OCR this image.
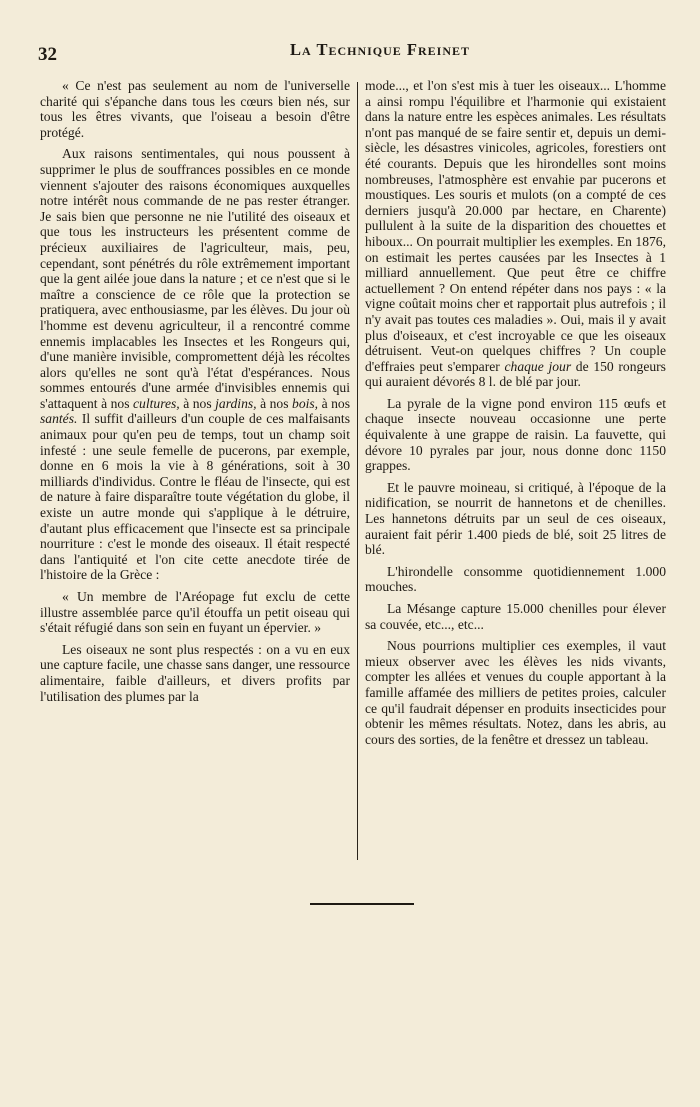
32	La Technique Freinet

« Ce n'est pas seulement au nom de l'universelle charité qui s'épanche dans tous les cœurs bien nés, sur tous les êtres vivants, que l'oiseau a besoin d'être protégé.

Aux raisons sentimentales, qui nous poussent à supprimer le plus de souffrances possibles en ce monde viennent s'ajouter des raisons économiques auxquelles notre intérêt nous commande de ne pas rester étranger. Je sais bien que personne ne nie l'utilité des oiseaux et que tous les instructeurs les présentent comme de précieux auxiliaires de l'agriculteur, mais, peu, cependant, sont pénétrés du rôle extrêmement important que la gent ailée joue dans la nature ; et ce n'est que si le maître a conscience de ce rôle que la protection se pratiquera, avec enthousiasme, par les élèves. Du jour où l'homme est devenu agriculteur, il a rencontré comme ennemis implacables les Insectes et les Rongeurs qui, d'une manière invisible, compromettent déjà les récoltes alors qu'elles ne sont qu'à l'état d'espérances. Nous sommes entourés d'une armée d'invisibles ennemis qui s'attaquent à nos cultures, à nos jardins, à nos bois, à nos santés. Il suffit d'ailleurs d'un couple de ces malfaisants animaux pour qu'en peu de temps, tout un champ soit infesté : une seule femelle de pucerons, par exemple, donne en 6 mois la vie à 8 générations, soit à 30 milliards d'individus. Contre le fléau de l'insecte, qui est de nature à faire disparaître toute végétation du globe, il existe un autre monde qui s'applique à le détruire, d'autant plus efficacement que l'insecte est sa principale nourriture : c'est le monde des oiseaux. Il était respecté dans l'antiquité et l'on cite cette anecdote tirée de l'histoire de la Grèce :

« Un membre de l'Aréopage fut exclu de cette illustre assemblée parce qu'il étouffa un petit oiseau qui s'était réfugié dans son sein en fuyant un épervier. »

Les oiseaux ne sont plus respectés : on a vu en eux une capture facile, une chasse sans danger, une ressource alimentaire, faible d'ailleurs, et divers profits par l'utilisation des plumes par la

mode..., et l'on s'est mis à tuer les oiseaux... L'homme a ainsi rompu l'équilibre et l'harmonie qui existaient dans la nature entre les espèces animales. Les résultats n'ont pas manqué de se faire sentir et, depuis un demi-siècle, les désastres vinicoles, agricoles, forestiers ont été courants. Depuis que les hirondelles sont moins nombreuses, l'atmosphère est envahie par pucerons et moustiques. Les souris et mulots (on a compté de ces derniers jusqu'à 20.000 par hectare, en Charente) pullulent à la suite de la disparition des chouettes et hiboux... On pourrait multiplier les exemples. En 1876, on estimait les pertes causées par les Insectes à 1 milliard annuellement. Que peut être ce chiffre actuellement ? On entend répéter dans nos pays : « la vigne coûtait moins cher et rapportait plus autrefois ; il n'y avait pas toutes ces maladies ». Oui, mais il y avait plus d'oiseaux, et c'est incroyable ce que les oiseaux détruisent. Veut-on quelques chiffres ? Un couple d'effraies peut s'emparer chaque jour de 150 rongeurs qui auraient dévorés 8 l. de blé par jour.

La pyrale de la vigne pond environ 115 œufs et chaque insecte nouveau occasionne une perte équivalente à une grappe de raisin. La fauvette, qui dévore 10 pyrales par jour, nous donne donc 1150 grappes.

Et le pauvre moineau, si critiqué, à l'époque de la nidification, se nourrit de hannetons et de chenilles. Les hannetons détruits par un seul de ces oiseaux, auraient fait périr 1.400 pieds de blé, soit 25 litres de blé.

L'hirondelle consomme quotidiennement 1.000 mouches.

La Mésange capture 15.000 chenilles pour élever sa couvée, etc..., etc...

Nous pourrions multiplier ces exemples, il vaut mieux observer avec les élèves les nids vivants, compter les allées et venues du couple apportant à la famille affamée des milliers de petites proies, calculer ce qu'il faudrait dépenser en produits insecticides pour obtenir les mêmes résultats. Notez, dans les abris, au cours des sorties, de la fenêtre et dressez un tableau.
